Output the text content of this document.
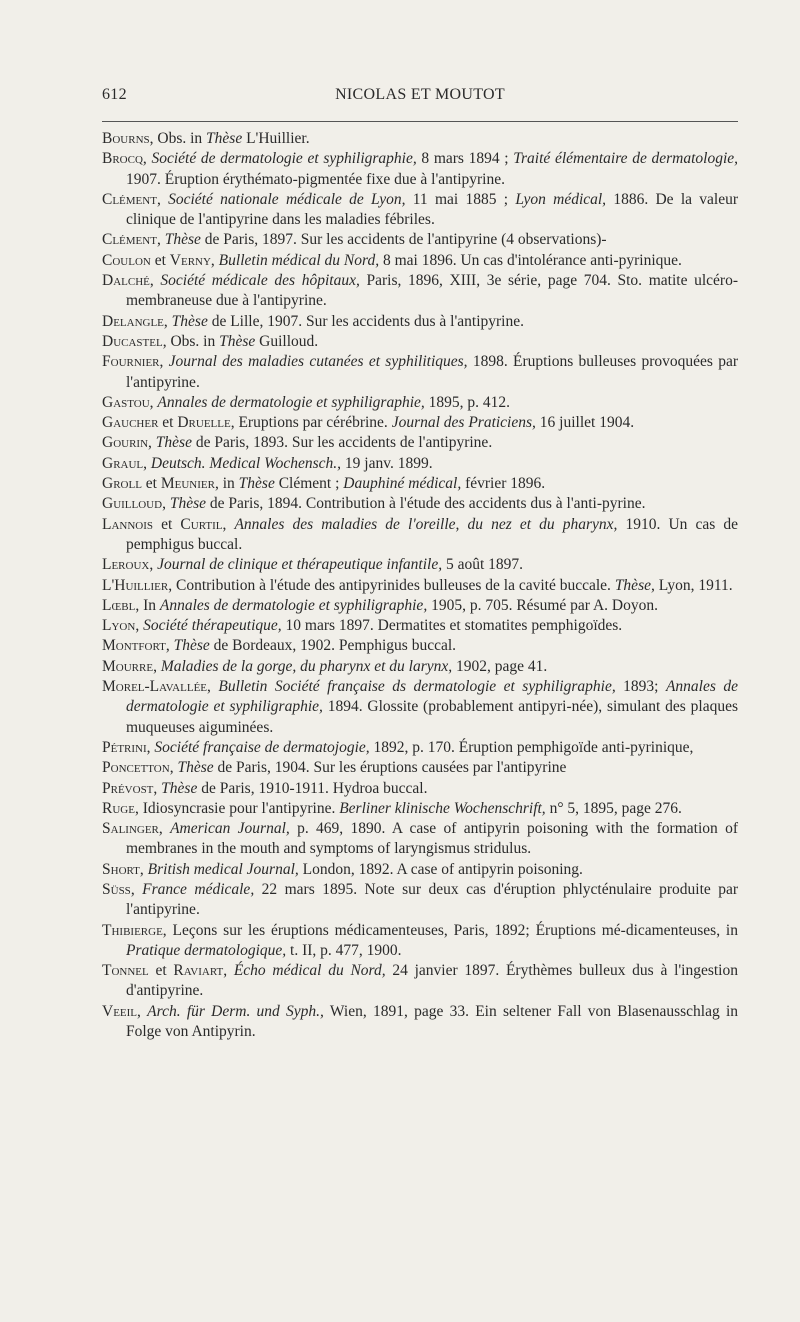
612	NICOLAS ET MOUTOT

Bourns, Obs. in Thèse L'Huillier.

Brocq, Société de dermatologie et syphiligraphie, 8 mars 1894 ; Traité élémentaire de dermatologie, 1907. Éruption érythémato-pigmentée fixe due à l'antipyrine.

Clément, Société nationale médicale de Lyon, 11 mai 1885 ; Lyon médical, 1886. De la valeur clinique de l'antipyrine dans les maladies fébriles.

Clément, Thèse de Paris, 1897. Sur les accidents de l'antipyrine (4 observations)-

Coulon et Verny, Bulletin médical du Nord, 8 mai 1896. Un cas d'intolérance anti-pyrinique.

Dalché, Société médicale des hôpitaux, Paris, 1896, XIII, 3e série, page 704. Sto. matite ulcéro-membraneuse due à l'antipyrine.

Delangle, Thèse de Lille, 1907. Sur les accidents dus à l'antipyrine.

Ducastel, Obs. in Thèse Guilloud.

Fournier, Journal des maladies cutanées et syphilitiques, 1898. Éruptions bulleuses provoquées par l'antipyrine.

Gastou, Annales de dermatologie et syphiligraphie, 1895, p. 412.

Gaucher et Druelle, Eruptions par cérébrine. Journal des Praticiens, 16 juillet 1904.

Gourin, Thèse de Paris, 1893. Sur les accidents de l'antipyrine.

Graul, Deutsch. Medical Wochensch., 19 janv. 1899.

Groll et Meunier, in Thèse Clément ; Dauphiné médical, février 1896.

Guilloud, Thèse de Paris, 1894. Contribution à l'étude des accidents dus à l'anti-pyrine.

Lannois et Curtil, Annales des maladies de l'oreille, du nez et du pharynx, 1910. Un cas de pemphigus buccal.

Leroux, Journal de clinique et thérapeutique infantile, 5 août 1897.

L'Huillier, Contribution à l'étude des antipyrinides bulleuses de la cavité buccale. Thèse, Lyon, 1911.

Lœbl, In Annales de dermatologie et syphiligraphie, 1905, p. 705. Résumé par A. Doyon.

Lyon, Société thérapeutique, 10 mars 1897. Dermatites et stomatites pemphigoïdes.

Montfort, Thèse de Bordeaux, 1902. Pemphigus buccal.

Mourre, Maladies de la gorge, du pharynx et du larynx, 1902, page 41.

Morel-Lavallée, Bulletin Société française ds dermatologie et syphiligraphie, 1893; Annales de dermatologie et syphiligraphie, 1894. Glossite (probablement antipyri-née), simulant des plaques muqueuses aiguminées.

Pétrini, Société française de dermatoјogie, 1892, p. 170. Éruption pemphigoïde anti-pyrinique,

Poncetton, Thèse de Paris, 1904. Sur les éruptions causées par l'antipyrine

Prévost, Thèse de Paris, 1910-1911. Hydroa buccal.

Ruge, Idiosyncrasie pour l'antipyrine. Berliner klinische Wochenschrift, n° 5, 1895, page 276.

Salinger, American Journal, p. 469, 1890. A case of antipyrin poisoning with the formation of membranes in the mouth and symptoms of laryngismus stridulus.

Short, British medical Journal, London, 1892. A case of antipyrin poisoning.

Süss, France médicale, 22 mars 1895. Note sur deux cas d'éruption phlycténulaire produite par l'antipyrine.

Thibierge, Leçons sur les éruptions médicamenteuses, Paris, 1892; Éruptions mé-dicamenteuses, in Pratique dermatologique, t. II, p. 477, 1900.

Tonnel et Raviart, Écho médical du Nord, 24 janvier 1897. Érythèmes bulleux dus à l'ingestion d'antipyrine.

Veeil, Arch. für Derm. und Syph., Wien, 1891, page 33. Ein seltener Fall von Blasenausschlag in Folge von Antipyrin.
